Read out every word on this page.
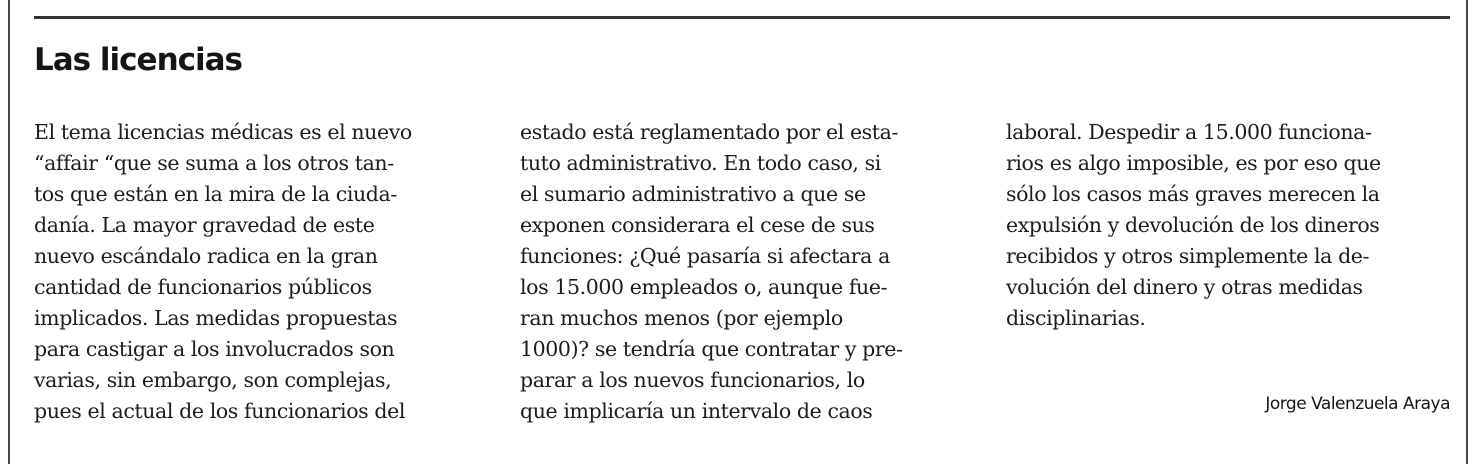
Las licencias
El tema licencias médicas es el nuevo
“affair “que se suma a los otros tan-
tos que están en la mira de la ciuda-
danía. La mayor gravedad de este
nuevo escándalo radica en la gran
cantidad de funcionarios públicos
implicados. Las medidas propuestas
para castigar a los involucrados son
varias, sin embargo, son complejas,
pues el actual de los funcionarios del
estado está reglamentado por el esta-
tuto administrativo. En todo caso, si
el sumario administrativo a que se
exponen considerara el cese de sus
funciones: ¿Qué pasaría si afectara a
los 15.000 empleados o, aunque fue-
ran muchos menos (por ejemplo
1000)? se tendría que contratar y pre-
parar a los nuevos funcionarios, lo
que implicaría un intervalo de caos
laboral. Despedir a 15.000 funciona-
rios es algo imposible, es por eso que
sólo los casos más graves merecen la
expulsión y devolución de los dineros
recibidos y otros simplemente la de-
volución del dinero y otras medidas
disciplinarias.
Jorge Valenzuela Araya
